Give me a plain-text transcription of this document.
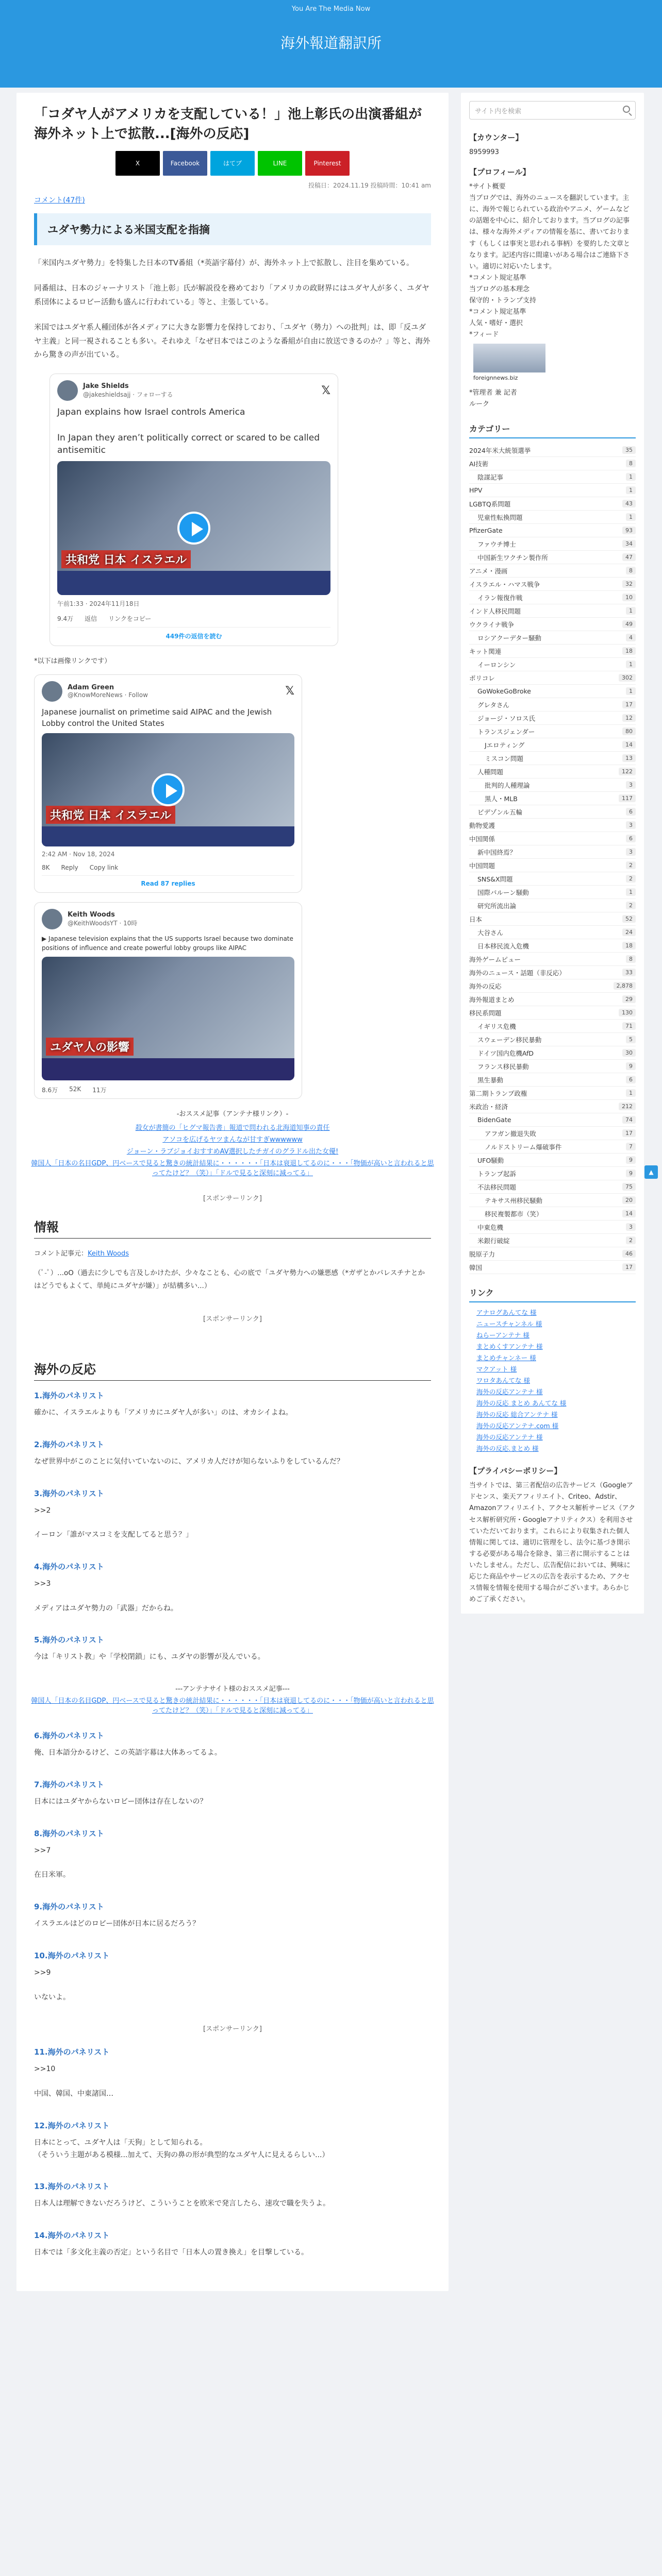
You Are The Media Now
海外報道翻訳所
「コダヤ人がアメリカを支配している！」池上彰氏の出演番組が海外ネット上で拡散...[海外の反応]
X	Facebook	はてブ	LINE	Pinterest
投稿日：2024.11.19 投稿時間：10:41 am
コメント(47件)
ユダヤ勢力による米国支配を指摘

「米国内ユダヤ勢力」を特集した日本のTV番組（*英語字幕付）が、海外ネット上で拡散し、注目を集めている。

同番組は、日本のジャーナリスト「池上彰」氏が解説役を務めており「アメリカの政財界にはユダヤ人が多く、ユダヤ系団体によるロビー活動も盛んに行われている」等と、主張している。

米国ではユダヤ系人種団体が各メディアに大きな影響力を保持しており、「ユダヤ（勢力）への批判」は、即「反ユダヤ主義」と同一視されることも多い。それゆえ「なぜ日本ではこのような番組が自由に放送できるのか？」等と、海外から驚きの声が出ている。

Jake Shields
@jakeshieldsajj · フォローする	𝕏
Japan explains how Israel controls America

In Japan they aren’t politically correct or scared to be called antisemitic
共和党 日本 イスラエル
午前1:33 · 2024年11月18日
9.4万 返信 リンクをコピー
449件の返信を読む
*以下は画像リンクです）
Adam Green
@KnowMoreNews · Follow	𝕏
Japanese journalist on primetime said AIPAC and the Jewish Lobby control the United States
共和党 日本 イスラエル
2:42 AM · Nov 18, 2024
8K Reply Copy link
Read 87 replies
Keith Woods
@KeithWoodsYT · 10時
▶ Japanese television explains that the US supports Israel because two dominate positions of influence and create powerful lobby groups like AIPAC
ユダヤ人の影響
8.6万 52K 11万
-おススメ記事（アンテナ様リンク）-
殺女が書簡の「ヒグマ報告書」報道で問われる北海道知事の責任
アソコを広げるヤツまんなが甘すぎwwwwww
ジョーン・ラブジョイおすすめAV選択したチガイのグラドル出た女優!
韓国人「日本の名目GDP、円ベースで見ると驚きの統計結果に・・・・・・「日本は衰退してるのに・・・「物価が高いと言われると思ってたけど？（笑）」「ドルで見ると深刻に減ってる」
[スポンサーリンク]
情報
コメント記事元：Keith Woods

（ﾟ-ﾟ）...oO（過去に少しでも言及しかけたが、少々なことも、心の底で「ユダヤ勢力への嫌悪感（*ガザとかパレスチナとかはどうでもよくて、単純にユダヤが嫌）」が結構多い...）

[スポンサーリンク]
海外の反応
1.海外のパネリスト
確かに、イスラエルよりも「アメリカにユダヤ人が多い」のは、オカシイよね。
2.海外のパネリスト
なぜ世界中がこのことに気付いていないのに、アメリカ人だけが知らないふりをしているんだ？
3.海外のパネリスト
>>2

イーロン「誰がマスコミを支配してると思う？」
4.海外のパネリスト
>>3

メディアはユダヤ勢力の「武器」だからね。
5.海外のパネリスト
今は「キリスト教」や「学校閉鎖」にも、ユダヤの影響が及んでいる。
---アンテナサイト様のおススメ記事---
韓国人「日本の名目GDP、円ベースで見ると驚きの統計結果に・・・・・・「日本は衰退してるのに・・・「物価が高いと言われると思ってたけど？（笑）」「ドルで見ると深刻に減ってる」
6.海外のパネリスト
俺、日本語分かるけど、この英語字幕は大体あってるよ。
7.海外のパネリスト
日本にはユダヤからないロビー団体は存在しないの？
8.海外のパネリスト
>>7

在日米軍。
9.海外のパネリスト
イスラエルはどのロビー団体が日本に居るだろう？
10.海外のパネリスト
>>9

いないよ。
[スポンサーリンク]
11.海外のパネリスト
>>10

中国、韓国、中東諸国…
12.海外のパネリスト
日本にとって、ユダヤ人は「天狗」として知られる。
（そういう主題がある模様...加えて、天狗の鼻の形が典型的なユダヤ人に見えるらしい...）
13.海外のパネリスト
日本人は理解できないだろうけど、こういうことを欧米で発言したら、速攻で職を失うよ。
14.海外のパネリスト
日本では「多文化主義の否定」という名目で「日本人の置き換え」を目撃している。
サイト内を検索
【カウンター】

8959993

【プロフィール】

*サイト概要

当ブログでは、海外のニュースを翻訳しています。主に、海外で報じられている政治やアニメ、ゲームなどの話題を中心に、紹介しております。当ブログの記事は、様々な海外メディアの情報を基に、書いております（もしくは事実と思われる事柄）を要約した文章となります。記述内容に間違いがある場合はご連絡下さい。適切に対応いたします。

*コメント規定基準

当ブログの基本理念

保守的・トランプ支持

*コメント規定基準

人気・嗜好・選択

*フィード

foreignnews.biz

*管理者 兼 記者

ルーク

カテゴリー
2024年米大統領選挙	35
AI技術	8
陰謀記事	1
HPV	1
LGBTQ系問題	43
児童性転換問題	1
PfizerGate	93
ファウチ博士	34
中国新生ワクチン製作所	47
アニメ・漫画	8
イスラエル・ハマス戦争	32
イラン報復作戦	10
インド人移民問題	1
ウクライナ戦争	49
ロシアクーデター騒動	4
キット関連	18
イーロンシン	1
ポリコレ	302
GoWokeGoBroke	1
グレタさん	17
ジョージ・ソロス氏	12
トランスジェンダー	80
Jエロティング	14
ミスコン問題	13
人種問題	122
批判的人種理論	3
黒人・MLB	117
ビデゾンル五輪	6
動物愛護	3
中国関係	6
新中国終焉？	3
中国問題	2
SNS&X問題	2
国際バルーン騒動	1
研究所流出論	2
日本	52
大谷さん	24
日本移民流入危機	18
海外ゲームピュー	8
海外のニュース・話題（非反応）	33
海外の反応	2,878
海外報道まとめ	29
移民系問題	130
イギリス危機	71
スウェーデン移民暴動	5
ドイツ国内危機AfD	30
フランス移民暴動	9
黒生暴動	6
第二期トランプ政権	1
米政治・経済	212
BidenGate	74
アフガン撤退失敗	17
ノルドストリーム爆破事件	7
UFO騒動	9
トランプ起訴	9
不法移民問題	75
テキサス州移民騒動	20
移民複製都市（笑）	14
中東危機	3
米銀行破綻	2
脱原子力	46
韓国	17
リンク
アナログあんてな 様
ニュースチャンネル 様
ねらーアンテナ 様
まとめくすアンテナ 様
まとめチャンネー 様
マクアット 様
ワロタあんてな 様
海外の反応アンテナ 様
海外の反応 まとめ あんてな 様
海外の反応 総合アンテナ 様
海外の反応アンテナ.com 様
海外の反応アンテナ 様
海外の反応.まとめ 様
【プライバシーポリシー】

当サイトでは、第三者配信の広告サービス（Googleアドセンス、楽天アフィリエイト、Criteo、Adstir、Amazonアフィリエイト、アクセス解析サービス（アクセス解析研究所・Googleアナリティクス）を利用させていただいております。これらにより収集された個人情報に関しては、適切に管理をし、法令に基づき開示する必要がある場合を除き、第三者に開示することはいたしません。ただし、広告配信においては、興味に応じた商品やサービスの広告を表示するため、アクセス情報を情報を使用する場合がございます。あらかじめご了承ください。

▲
